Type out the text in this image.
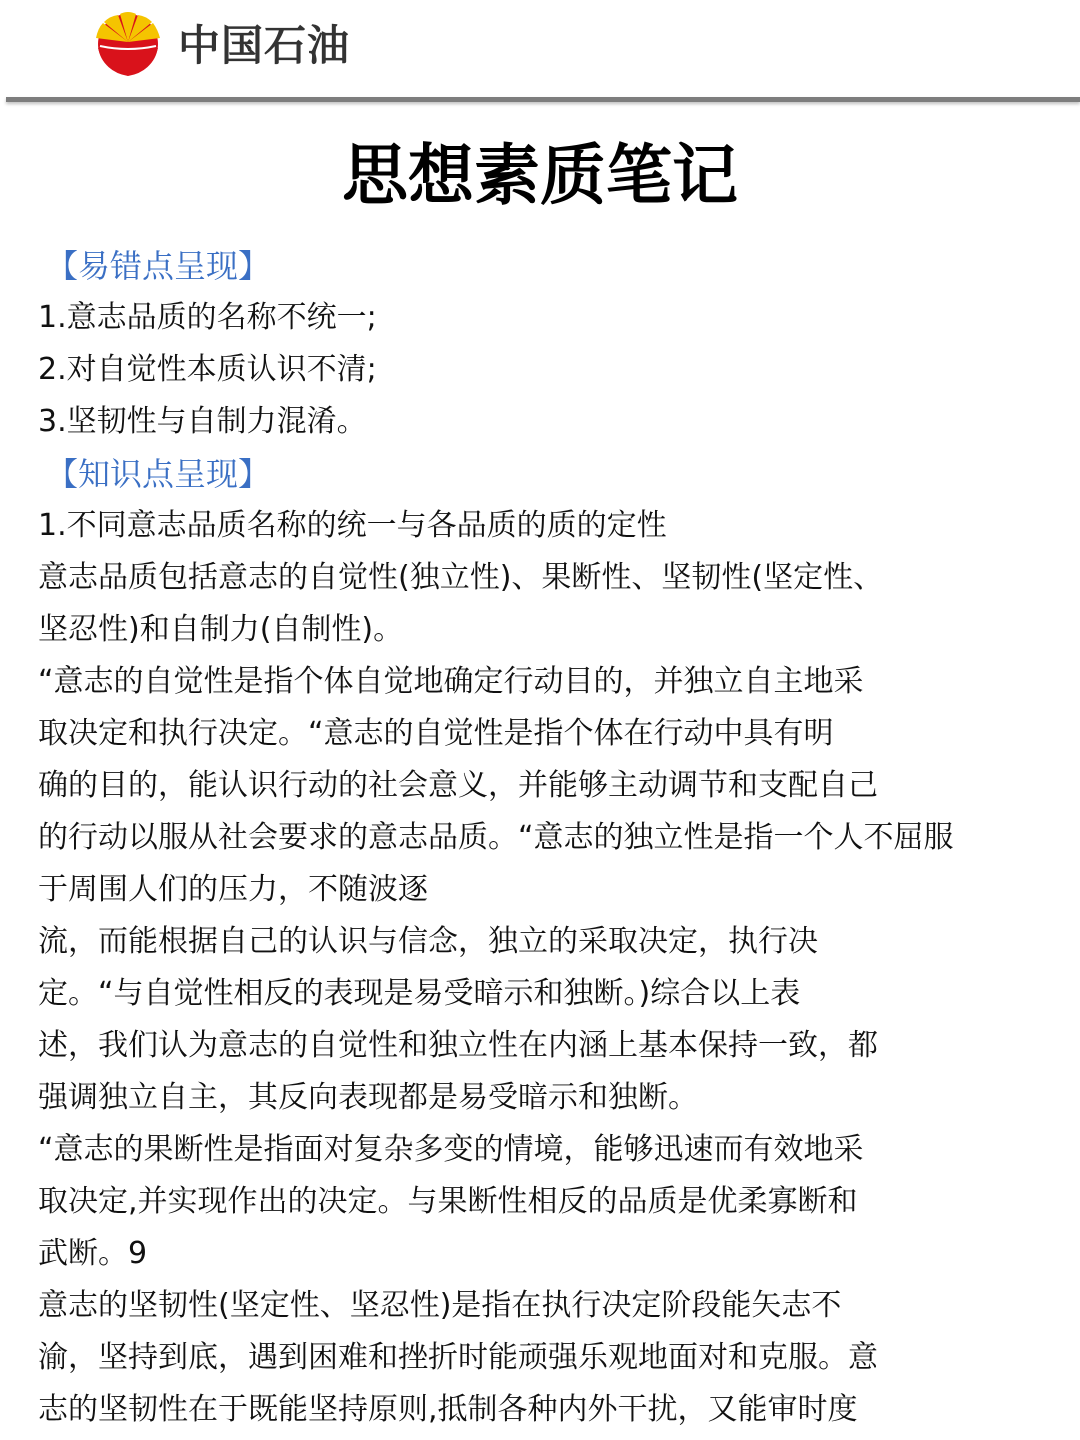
中国石油
思想素质笔记
【易错点呈现】
1.意志品质的名称不统一;
2.对自觉性本质认识不清;
3.坚韧性与自制力混淆。
【知识点呈现】
1.不同意志品质名称的统一与各品质的质的定性
意志品质包括意志的自觉性(独立性)、果断性、坚韧性(坚定性、
坚忍性)和自制力(自制性)。
“意志的自觉性是指个体自觉地确定行动目的，并独立自主地采
取决定和执行决定。“意志的自觉性是指个体在行动中具有明
确的目的，能认识行动的社会意义，并能够主动调节和支配自己
的行动以服从社会要求的意志品质。“意志的独立性是指一个人不屈服
于周围人们的压力，不随波逐
流，而能根据自己的认识与信念，独立的采取决定，执行决
定。“与自觉性相反的表现是易受暗示和独断。)综合以上表
述，我们认为意志的自觉性和独立性在内涵上基本保持一致，都
强调独立自主，其反向表现都是易受暗示和独断。
“意志的果断性是指面对复杂多变的情境，能够迅速而有效地采
取决定,并实现作出的决定。与果断性相反的品质是优柔寡断和
武断。9
意志的坚韧性(坚定性、坚忍性)是指在执行决定阶段能矢志不
渝，坚持到底，遇到困难和挫折时能顽强乐观地面对和克服。意
志的坚韧性在于既能坚持原则,抵制各种内外干扰，又能审时度
